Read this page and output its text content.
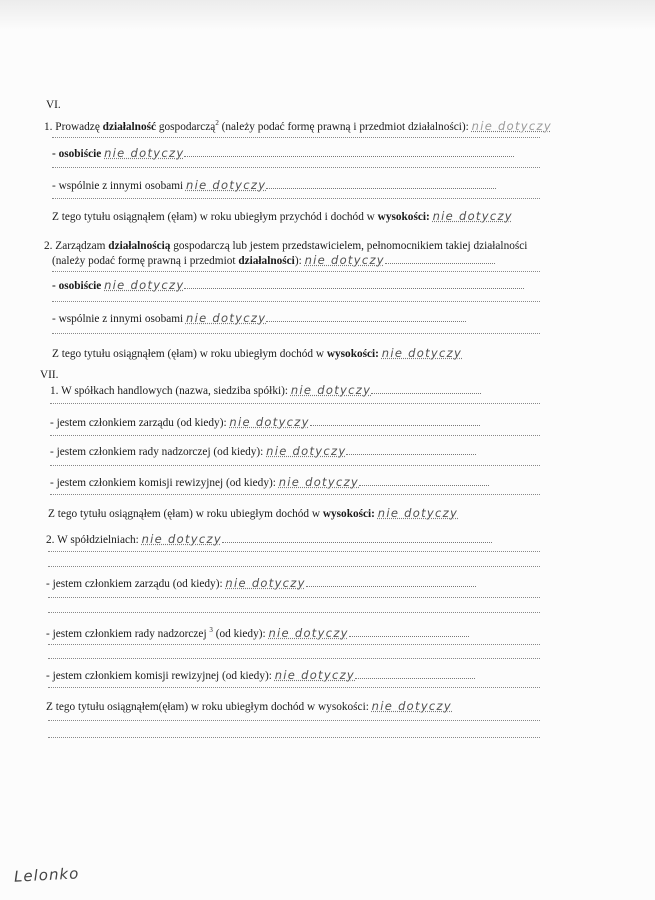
VI.
1. Prowadzę działalność gospodarczą$^2$ (należy podać formę prawną i przedmiot działalności): nie dotyczy
- osobiście nie dotyczy
- wspólnie z innymi osobami nie dotyczy
Z tego tytułu osiągnąłem (ęłam) w roku ubiegłym przychód i dochód w wysokości: nie dotyczy
2. Zarządzam działalnością gospodarczą lub jestem przedstawicielem, pełnomocnikiem takiej działalności
(należy podać formę prawną i przedmiot działalności): nie dotyczy
- osobiście nie dotyczy
- wspólnie z innymi osobami nie dotyczy
Z tego tytułu osiągnąłem (ęłam) w roku ubiegłym dochód w wysokości: nie dotyczy
VII.
1. W spółkach handlowych (nazwa, siedziba spółki): nie dotyczy
- jestem członkiem zarządu (od kiedy): nie dotyczy
- jestem członkiem rady nadzorczej (od kiedy): nie dotyczy
- jestem członkiem komisji rewizyjnej (od kiedy): nie dotyczy
Z tego tytułu osiągnąłem (ęłam) w roku ubiegłym dochód w wysokości: nie dotyczy
2. W spółdzielniach: nie dotyczy
- jestem członkiem zarządu (od kiedy): nie dotyczy
- jestem członkiem rady nadzorczej $^3$ (od kiedy): nie dotyczy
- jestem członkiem komisji rewizyjnej (od kiedy): nie dotyczy
Z tego tytułu osiągnąłem(ęłam) w roku ubiegłym dochód w wysokości: nie dotyczy
Lelonko
